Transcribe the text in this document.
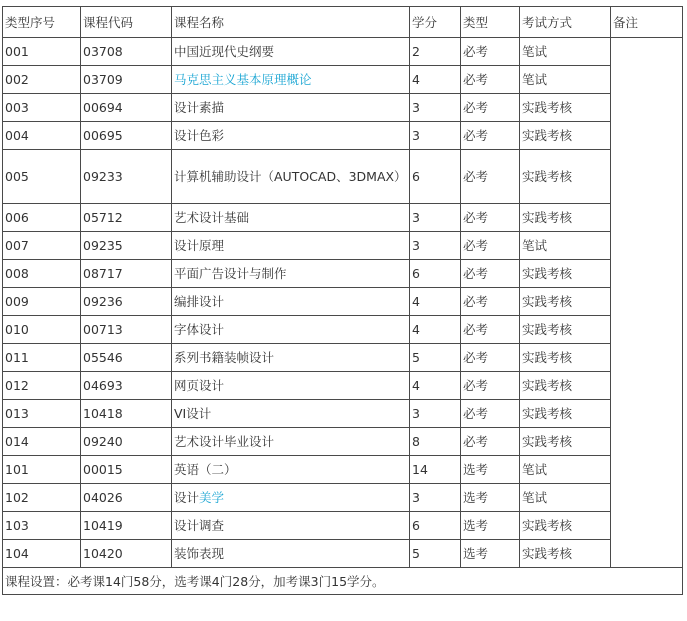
类型序号	课程代码	课程名称	学分	类型	考试方式	备注
001	03708	中国近现代史纲要	2	必考	笔试	
002	03709	马克思主义基本原理概论	4	必考	笔试	
003	00694	设计素描	3	必考	实践考核	
004	00695	设计色彩	3	必考	实践考核	
005	09233	计算机辅助设计（AUTOCAD、3DMAX）	6	必考	实践考核	
006	05712	艺术设计基础	3	必考	实践考核	
007	09235	设计原理	3	必考	笔试	
008	08717	平面广告设计与制作	6	必考	实践考核	
009	09236	编排设计	4	必考	实践考核	
010	00713	字体设计	4	必考	实践考核	
011	05546	系列书籍装帧设计	5	必考	实践考核	
012	04693	网页设计	4	必考	实践考核	
013	10418	VI设计	3	必考	实践考核	
014	09240	艺术设计毕业设计	8	必考	实践考核	
101	00015	英语（二）	14	选考	笔试	
102	04026	设计美学	3	选考	笔试	
103	10419	设计调查	6	选考	实践考核	
104	10420	装饰表现	5	选考	实践考核	
课程设置：必考课14门58分，选考课4门28分，加考课3门15学分。						
